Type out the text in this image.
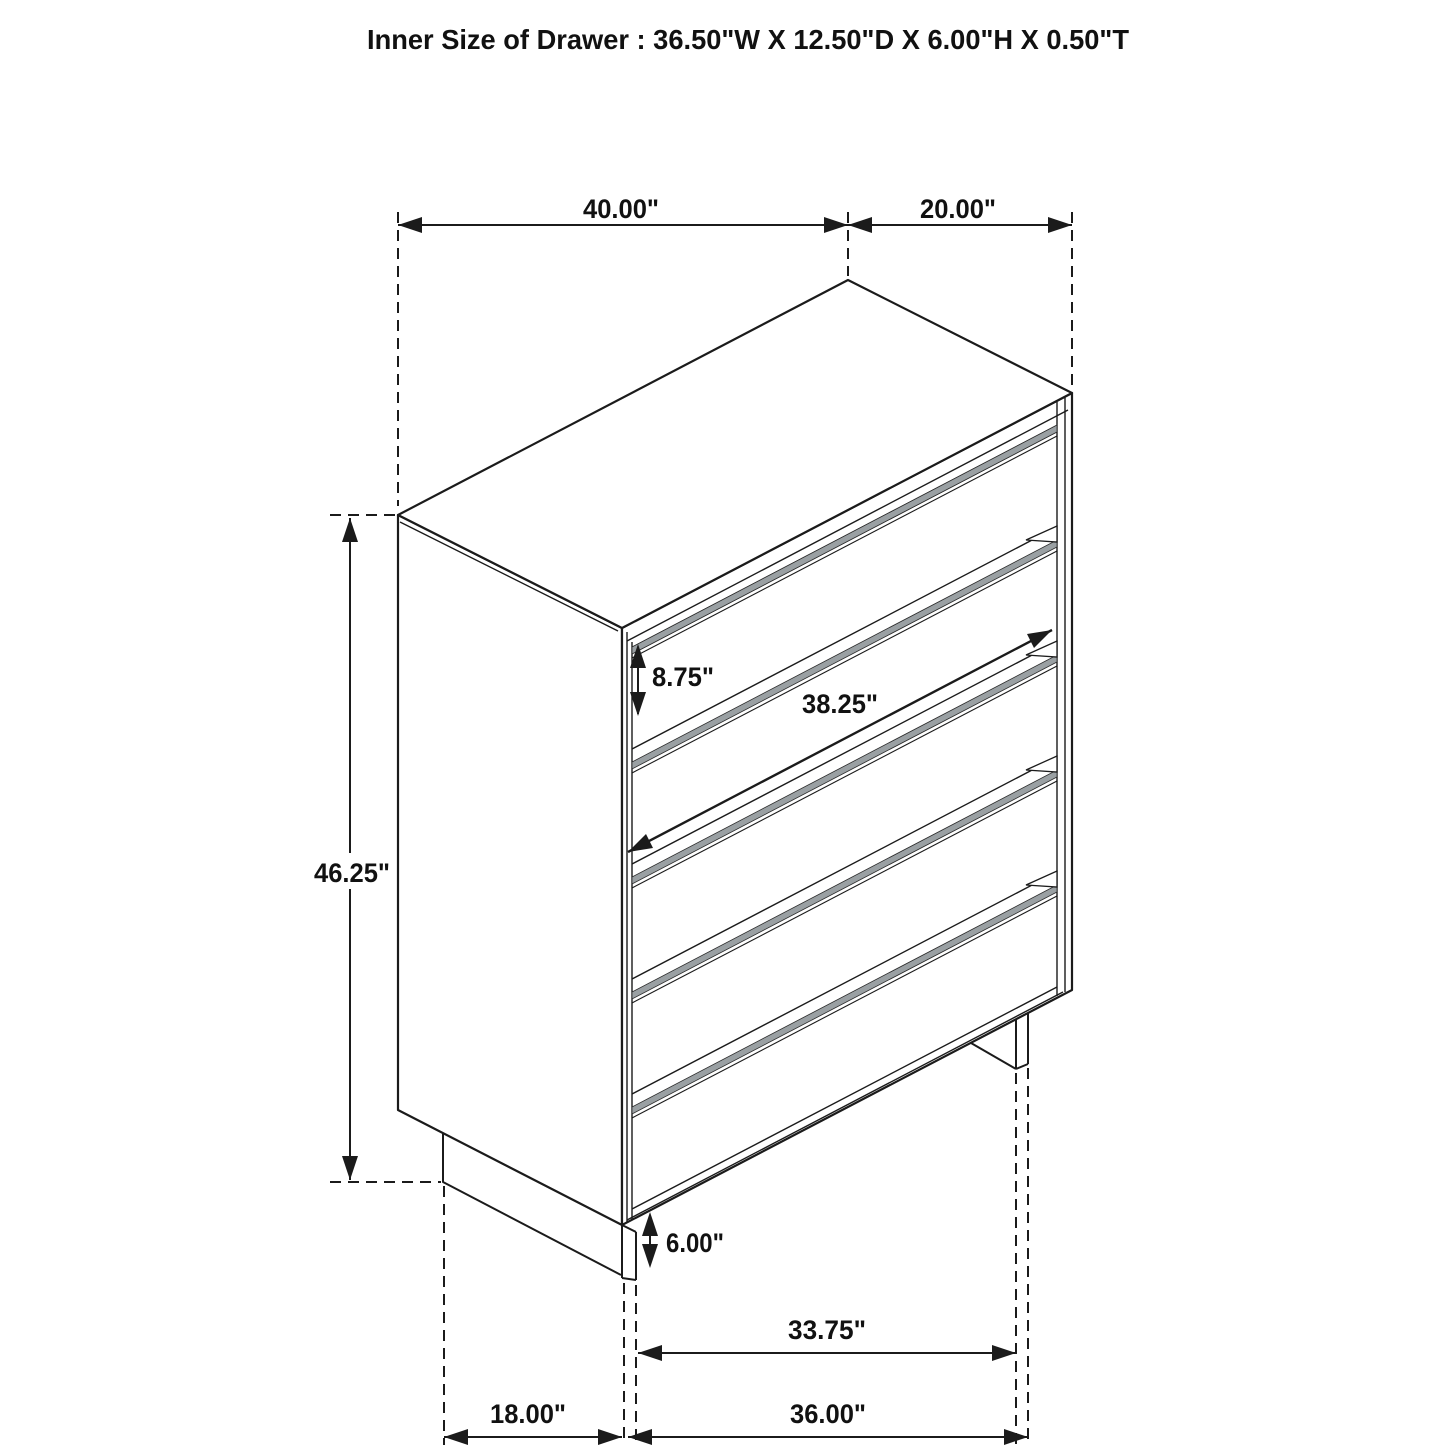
40.00"	20.00"
46.25"
8.75"
38.25"
6.00"
33.75"
18.00"	36.00"
Inner Size of Drawer : 36.50"W X 12.50"D X 6.00"H X 0.50"T
